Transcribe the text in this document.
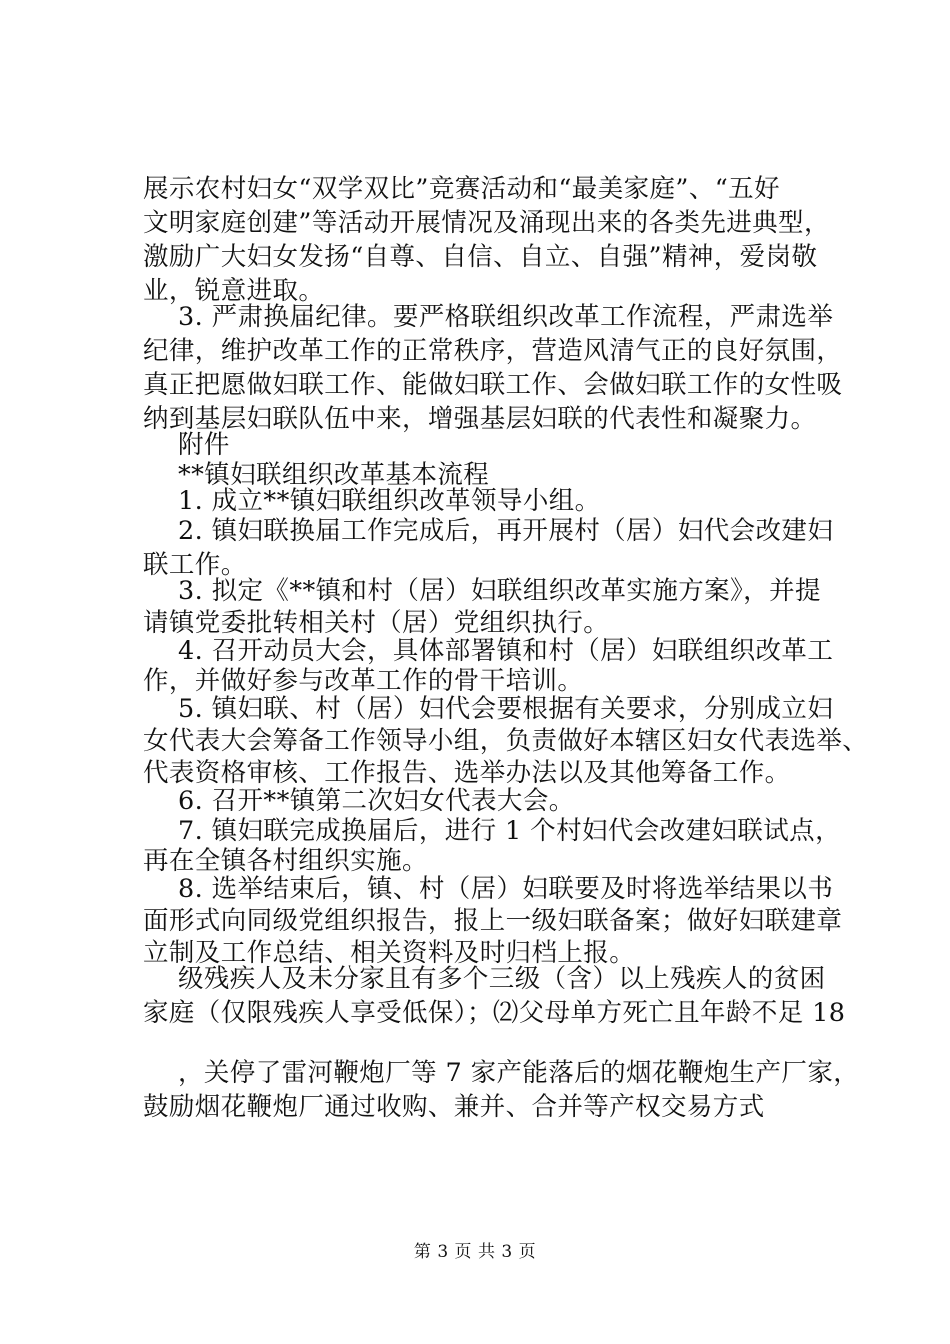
展示农村妇女“双学双比”竞赛活动和“最美家庭”、“五好
文明家庭创建”等活动开展情况及涌现出来的各类先进典型，
激励广大妇女发扬“自尊、自信、自立、自强”精神，爱岗敬
业，锐意进取。
3. 严肃换届纪律。要严格联组织改革工作流程，严肃选举
纪律，维护改革工作的正常秩序，营造风清气正的良好氛围，
真正把愿做妇联工作、能做妇联工作、会做妇联工作的女性吸
纳到基层妇联队伍中来，增强基层妇联的代表性和凝聚力。
附件
**镇妇联组织改革基本流程
1. 成立**镇妇联组织改革领导小组。
2. 镇妇联换届工作完成后，再开展村（居）妇代会改建妇
联工作。
3. 拟定《**镇和村（居）妇联组织改革实施方案》，并提
请镇党委批转相关村（居）党组织执行。
4. 召开动员大会，具体部署镇和村（居）妇联组织改革工
作，并做好参与改革工作的骨干培训。
5. 镇妇联、村（居）妇代会要根据有关要求，分别成立妇
女代表大会筹备工作领导小组，负责做好本辖区妇女代表选举、
代表资格审核、工作报告、选举办法以及其他筹备工作。
6. 召开**镇第二次妇女代表大会。
7. 镇妇联完成换届后，进行 1 个村妇代会改建妇联试点，
再在全镇各村组织实施。
8. 选举结束后，镇、村（居）妇联要及时将选举结果以书
面形式向同级党组织报告，报上一级妇联备案；做好妇联建章
立制及工作总结、相关资料及时归档上报。
级残疾人及未分家且有多个三级（含）以上残疾人的贫困
家庭（仅限残疾人享受低保）；⑵父母单方死亡且年龄不足 18
，关停了雷河鞭炮厂等 7 家产能落后的烟花鞭炮生产厂家，
鼓励烟花鞭炮厂通过收购、兼并、合并等产权交易方式
第 3 页 共 3 页
